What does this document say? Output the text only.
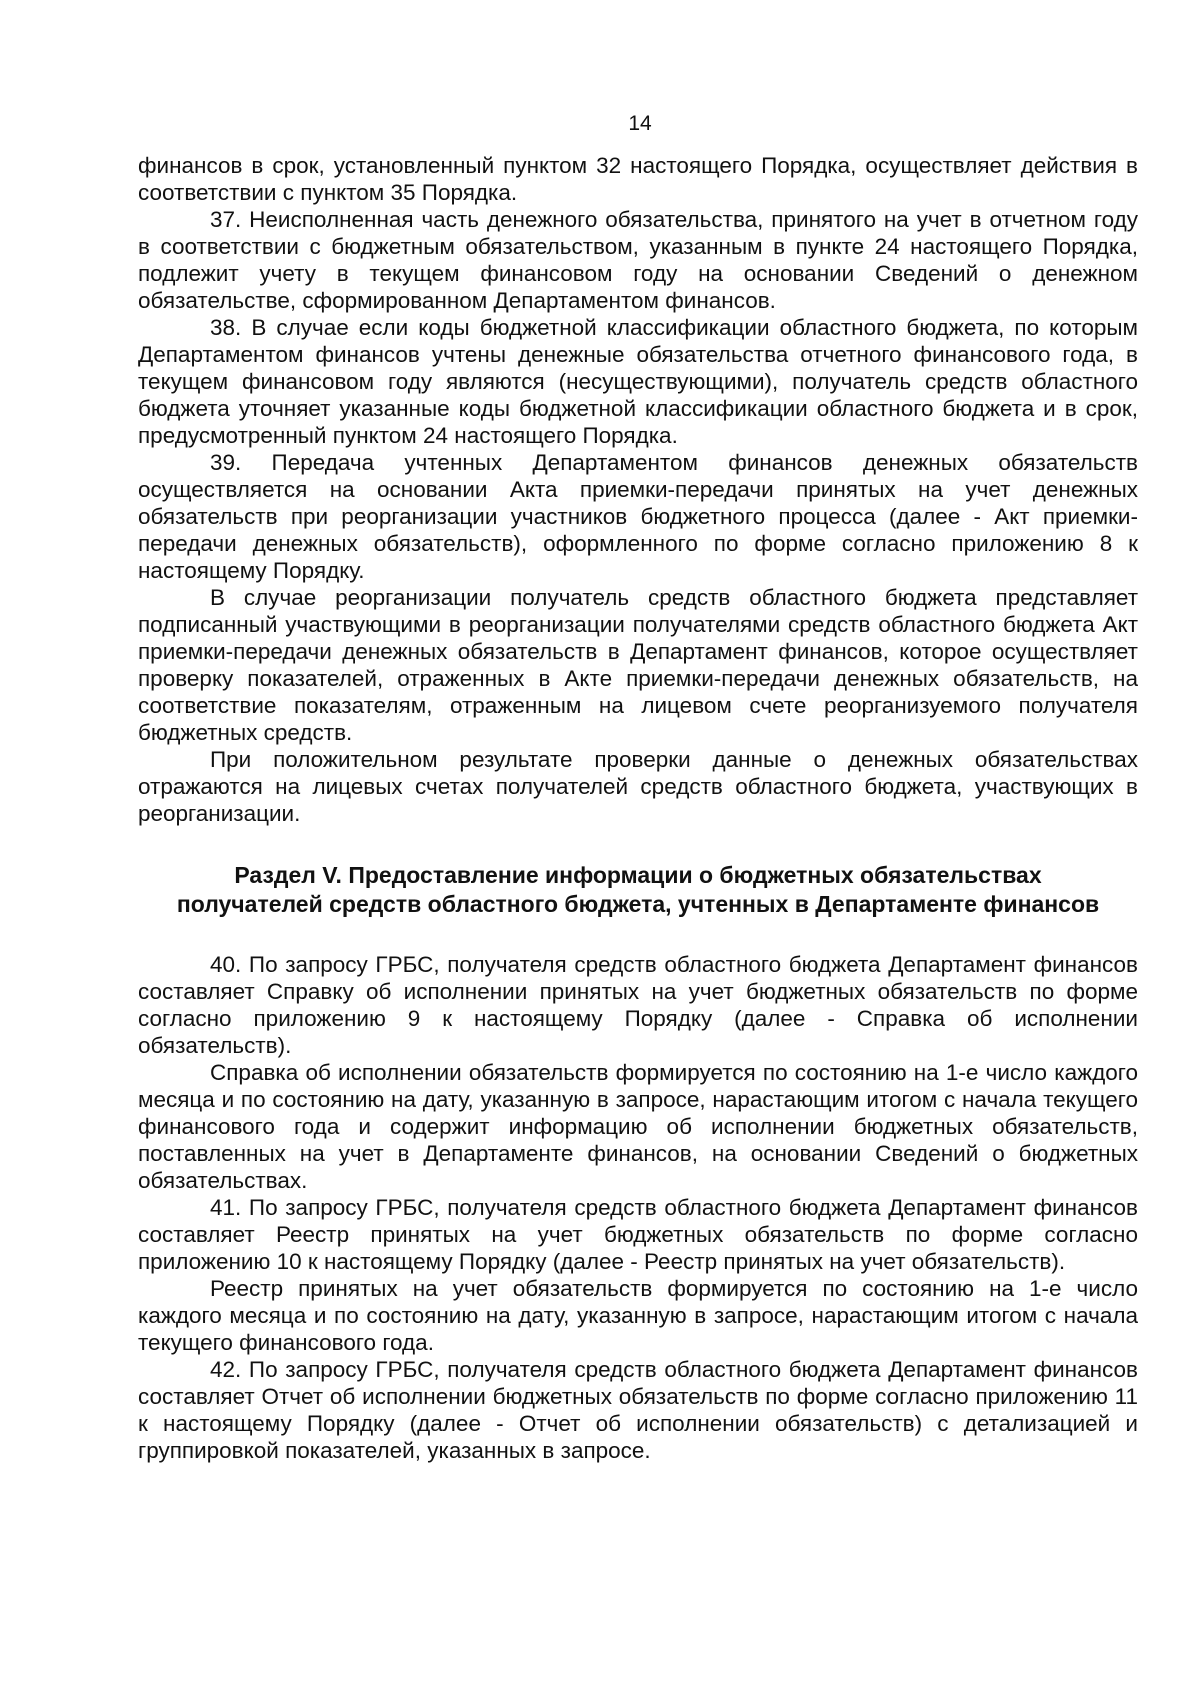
14

финансов в срок, установленный пунктом 32 настоящего Порядка, осуществляет действия в соответствии с пунктом 35 Порядка.

37. Неисполненная часть денежного обязательства, принятого на учет в отчетном году в соответствии с бюджетным обязательством, указанным в пункте 24 настоящего Порядка, подлежит учету в текущем финансовом году на основании Сведений о денежном обязательстве, сформированном Департаментом финансов.

38. В случае если коды бюджетной классификации областного бюджета, по которым Департаментом финансов учтены денежные обязательства отчетного финансового года, в текущем финансовом году являются (несуществующими), получатель средств областного бюджета уточняет указанные коды бюджетной классификации областного бюджета и в срок, предусмотренный пунктом 24 настоящего Порядка.

39. Передача учтенных Департаментом финансов денежных обязательств осуществляется на основании Акта приемки-передачи принятых на учет денежных обязательств при реорганизации участников бюджетного процесса (далее - Акт приемки-передачи денежных обязательств), оформленного по форме согласно приложению 8 к настоящему Порядку.

В случае реорганизации получатель средств областного бюджета представляет подписанный участвующими в реорганизации получателями средств областного бюджета Акт приемки-передачи денежных обязательств в Департамент финансов, которое осуществляет проверку показателей, отраженных в Акте приемки-передачи денежных обязательств, на соответствие показателям, отраженным на лицевом счете реорганизуемого получателя бюджетных средств.

При положительном результате проверки данные о денежных обязательствах отражаются на лицевых счетах получателей средств областного бюджета, участвующих в реорганизации.

Раздел V. Предоставление информации о бюджетных обязательствах
получателей средств областного бюджета, учтенных в Департаменте финансов

40. По запросу ГРБС, получателя средств областного бюджета Департамент финансов составляет Справку об исполнении принятых на учет бюджетных обязательств по форме согласно приложению 9 к настоящему Порядку (далее - Справка об исполнении обязательств).

Справка об исполнении обязательств формируется по состоянию на 1-е число каждого месяца и по состоянию на дату, указанную в запросе, нарастающим итогом с начала текущего финансового года и содержит информацию об исполнении бюджетных обязательств, поставленных на учет в Департаменте финансов, на основании Сведений о бюджетных обязательствах.

41. По запросу ГРБС, получателя средств областного бюджета Департамент финансов составляет Реестр принятых на учет бюджетных обязательств по форме согласно приложению 10 к настоящему Порядку (далее - Реестр принятых на учет обязательств).

Реестр принятых на учет обязательств формируется по состоянию на 1-е число каждого месяца и по состоянию на дату, указанную в запросе, нарастающим итогом с начала текущего финансового года.

42. По запросу ГРБС, получателя средств областного бюджета Департамент финансов составляет Отчет об исполнении бюджетных обязательств по форме согласно приложению 11 к настоящему Порядку (далее - Отчет об исполнении обязательств) с детализацией и группировкой показателей, указанных в запросе.
